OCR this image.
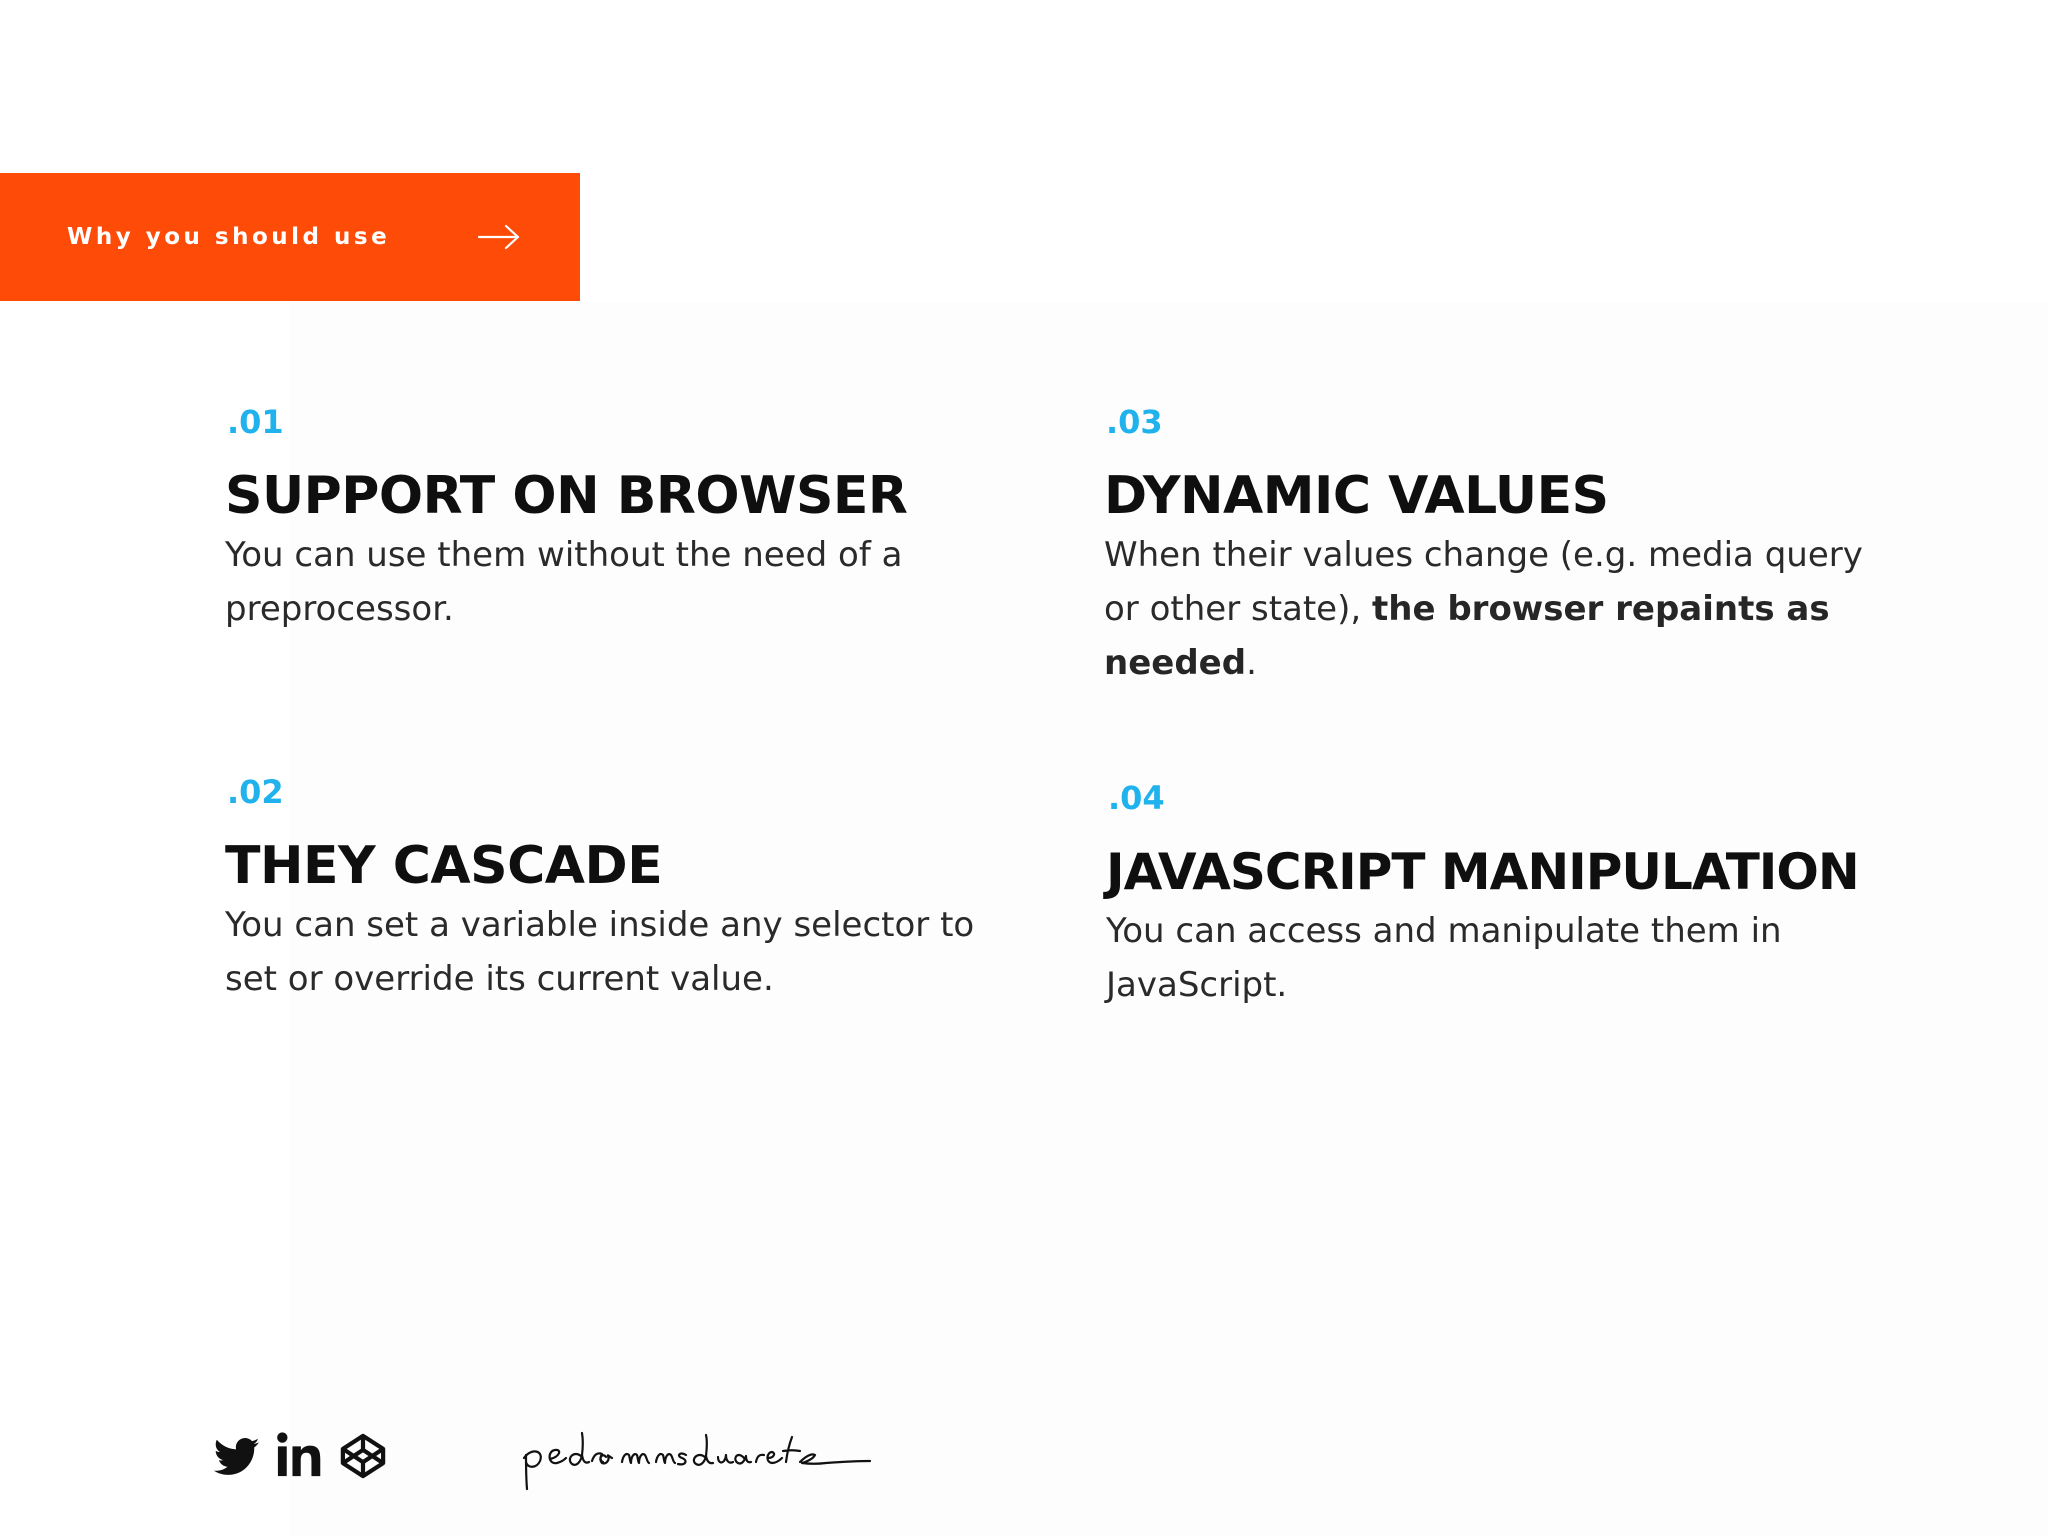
Why you should use
.01
SUPPORT ON BROWSER
You can use them without the need of a preprocessor.
.02
THEY CASCADE
You can set a variable inside any selector to set or override its current value.
.03
DYNAMIC VALUES
When their values change (e.g. media query or other state), the browser repaints as needed.
.04
JAVASCRIPT MANIPULATION
You can access and manipulate them in JavaScript.
